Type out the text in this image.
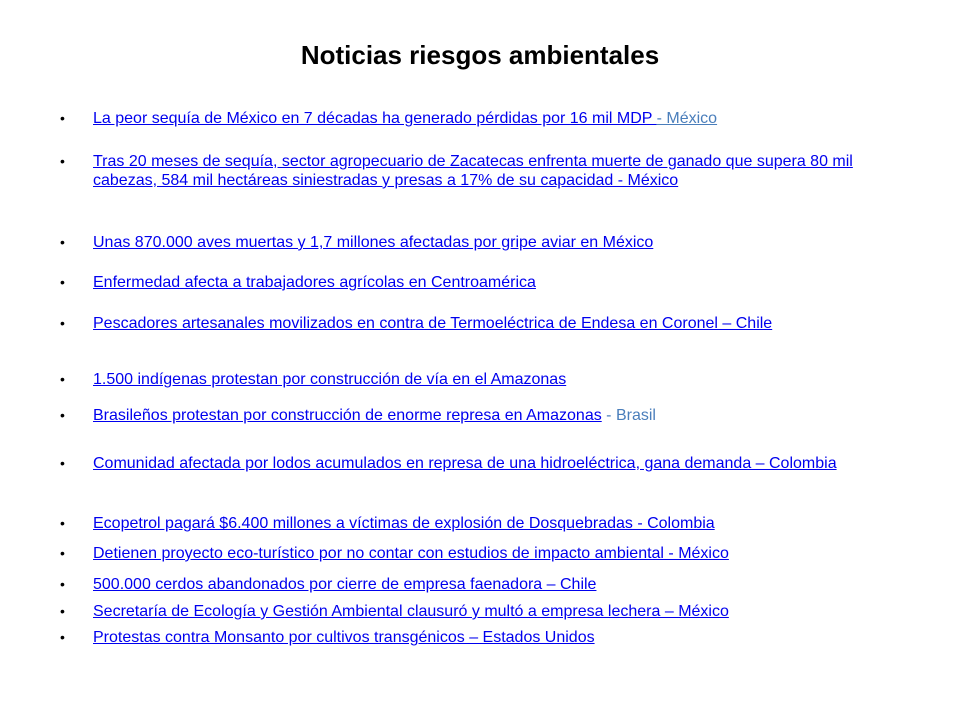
Noticias riesgos ambientales
•	La peor sequía de México en 7 décadas ha generado pérdidas por 16 mil MDP - México
•	Tras 20 meses de sequía, sector agropecuario de Zacatecas enfrenta muerte de ganado que supera 80 mil cabezas, 584 mil hectáreas siniestradas y presas a 17% de su capacidad - México
•	Unas 870.000 aves muertas y 1,7 millones afectadas por gripe aviar en México
•	Enfermedad afecta a trabajadores agrícolas en Centroamérica
•	Pescadores artesanales movilizados en contra de Termoeléctrica de Endesa en Coronel – Chile
•	1.500 indígenas protestan por construcción de vía en el Amazonas
•	Brasileños protestan por construcción de enorme represa en Amazonas - Brasil
•	Comunidad afectada por lodos acumulados en represa de una hidroeléctrica, gana demanda – Colombia
•	Ecopetrol pagará $6.400 millones a víctimas de explosión de Dosquebradas - Colombia
•	Detienen proyecto eco-turístico por no contar con estudios de impacto ambiental - México
•	500.000 cerdos abandonados por cierre de empresa faenadora – Chile
•	Secretaría de Ecología y Gestión Ambiental clausuró y multó a empresa lechera – México
•	Protestas contra Monsanto por cultivos transgénicos – Estados Unidos
